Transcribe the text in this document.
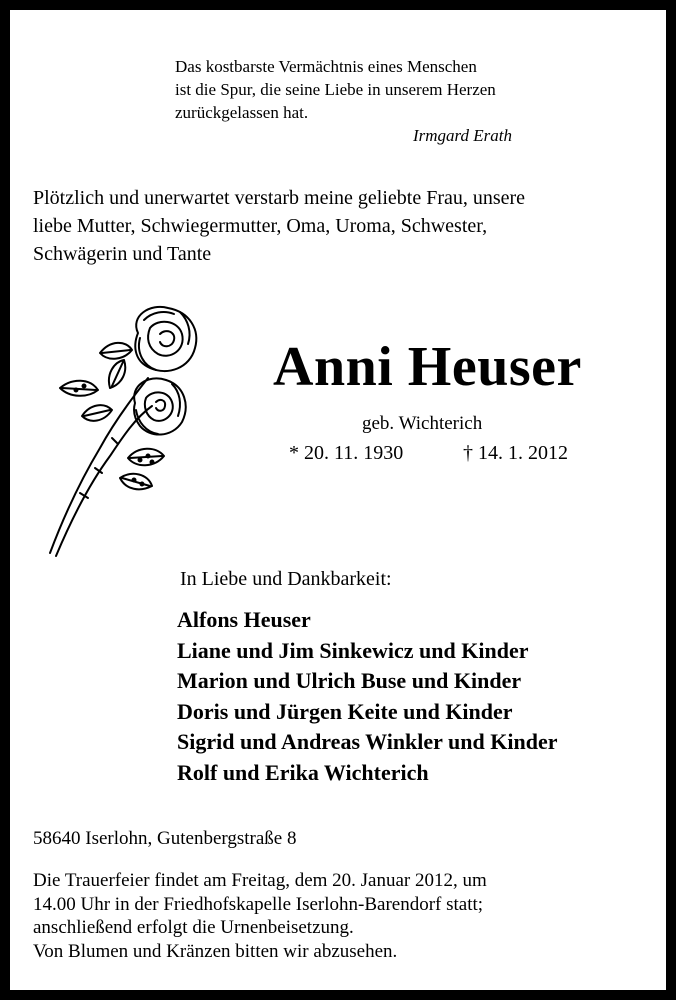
Das kostbarste Vermächtnis eines Menschen
ist die Spur, die seine Liebe in unserem Herzen
zurückgelassen hat.
Irmgard Erath
Plötzlich und unerwartet verstarb meine geliebte Frau, unsere
liebe Mutter, Schwiegermutter, Oma, Uroma, Schwester,
Schwägerin und Tante
Anni Heuser
geb. Wichterich
* 20. 11. 1930	† 14. 1. 2012
In Liebe und Dankbarkeit:
Alfons Heuser
Liane und Jim Sinkewicz und Kinder
Marion und Ulrich Buse und Kinder
Doris und Jürgen Keite und Kinder
Sigrid und Andreas Winkler und Kinder
Rolf und Erika Wichterich
58640 Iserlohn, Gutenbergstraße 8
Die Trauerfeier findet am Freitag, dem 20. Januar 2012, um
14.00 Uhr in der Friedhofskapelle Iserlohn-Barendorf statt;
anschließend erfolgt die Urnenbeisetzung.
Von Blumen und Kränzen bitten wir abzusehen.
